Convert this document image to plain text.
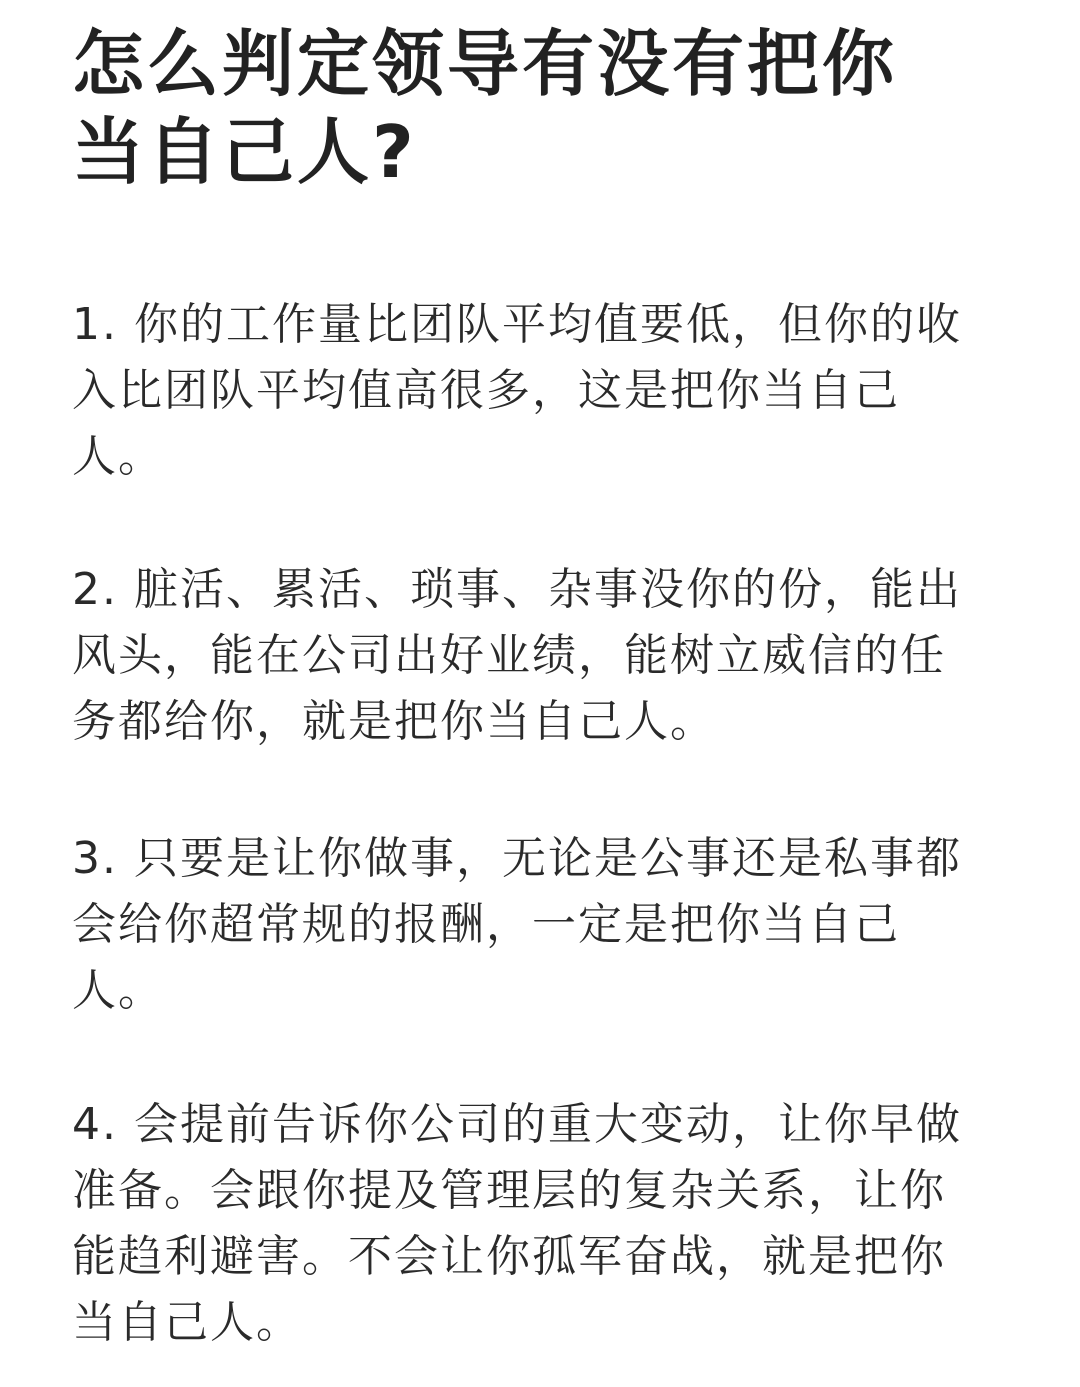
怎么判定领导有没有把你
当自己人?
1. 你的工作量比团队平均值要低，但你的收
入比团队平均值高很多，这是把你当自己
人。
2. 脏活、累活、琐事、杂事没你的份，能出
风头，能在公司出好业绩，能树立威信的任
务都给你，就是把你当自己人。
3. 只要是让你做事，无论是公事还是私事都
会给你超常规的报酬，一定是把你当自己
人。
4. 会提前告诉你公司的重大变动，让你早做
准备。会跟你提及管理层的复杂关系，让你
能趋利避害。不会让你孤军奋战，就是把你
当自己人。
